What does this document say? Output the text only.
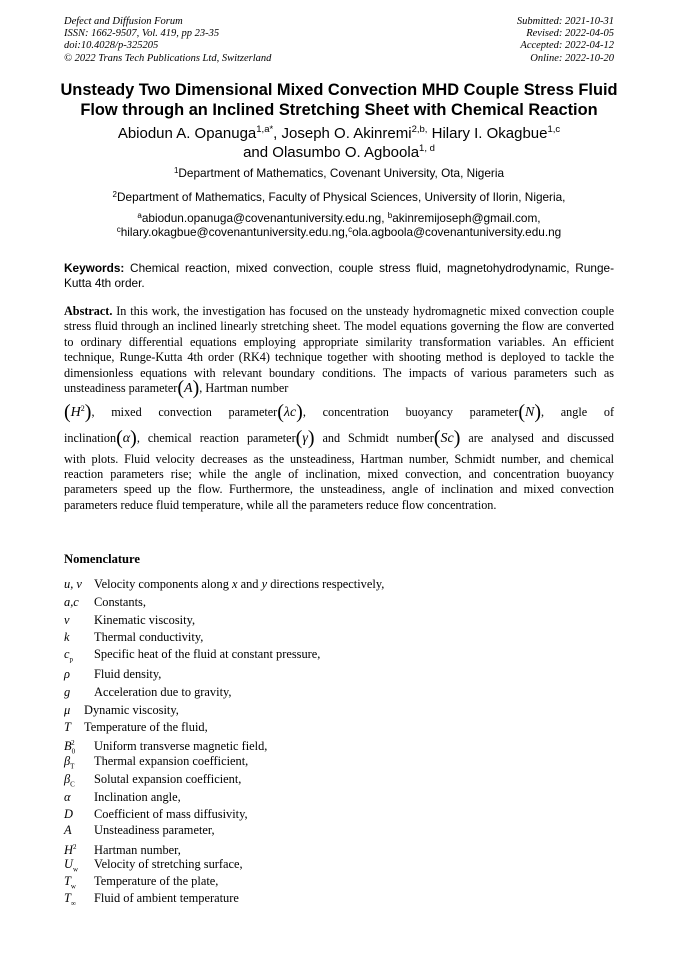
Defect and Diffusion Forum
ISSN: 1662-9507, Vol. 419, pp 23-35
doi:10.4028/p-325205
© 2022 Trans Tech Publications Ltd, Switzerland
Submitted: 2021-10-31
Revised: 2022-04-05
Accepted: 2022-04-12
Online: 2022-10-20
Unsteady Two Dimensional Mixed Convection MHD Couple Stress Fluid
Flow through an Inclined Stretching Sheet with Chemical Reaction
Abiodun A. Opanuga$^{1,a*}$, Joseph O. Akinremi$^{2,b,}$ Hilary I. Okagbue$^{1,c}$
and Olasumbo O. Agboola$^{1, d}$
$^1$Department of Mathematics, Covenant University, Ota, Nigeria
$^2$Department of Mathematics, Faculty of Physical Sciences, University of Ilorin, Nigeria,
$^a$abiodun.opanuga@covenantuniversity.edu.ng, $^b$akinremijoseph@gmail.com,
$^c$hilary.okagbue@covenantuniversity.edu.ng,$^c$ola.agboola@covenantuniversity.edu.ng
Keywords: Chemical reaction, mixed convection, couple stress fluid, magnetohydrodynamic, Runge-Kutta 4th order.
Abstract. In this work, the investigation has focused on the unsteady hydromagnetic mixed convection couple stress fluid through an inclined linearly stretching sheet. The model equations governing the flow are converted to ordinary differential equations employing appropriate similarity transformation variables. An efficient technique, Runge-Kutta 4th order (RK4) technique together with shooting method is deployed to tackle the dimensionless equations with relevant boundary conditions. The impacts of various parameters such as unsteadiness parameter(A), Hartman number
$(H^2)$, mixed convection parameter(λc), concentration buoyancy parameter(N), angle of
inclination(α), chemical reaction parameter(γ) and Schmidt number(Sc) are analysed and discussed
with plots. Fluid velocity decreases as the unsteadiness, Hartman number, Schmidt number, and chemical reaction parameters rise; while the angle of inclination, mixed convection, and concentration buoyancy parameters speed up the flow. Furthermore, the unsteadiness, angle of inclination and mixed convection parameters reduce fluid temperature, while all the parameters reduce flow concentration.
Nomenclature
u, v Velocity components along x and y directions respectively,
a,c Constants,
ν Kinematic viscosity,
k Thermal conductivity,
$c_p$ Specific heat of the fluid at constant pressure,
ρ Fluid density,
g Acceleration due to gravity,
μ Dynamic viscosity,
T Temperature of the fluid,
$B_0^2$ Uniform transverse magnetic field,
$\beta_T$ Thermal expansion coefficient,
$\beta_C$ Solutal expansion coefficient,
α Inclination angle,
D Coefficient of mass diffusivity,
A Unsteadiness parameter,
$H^2$ Hartman number,
$U_w$ Velocity of stretching surface,
$T_w$ Temperature of the plate,
$T_\infty$ Fluid of ambient temperature
